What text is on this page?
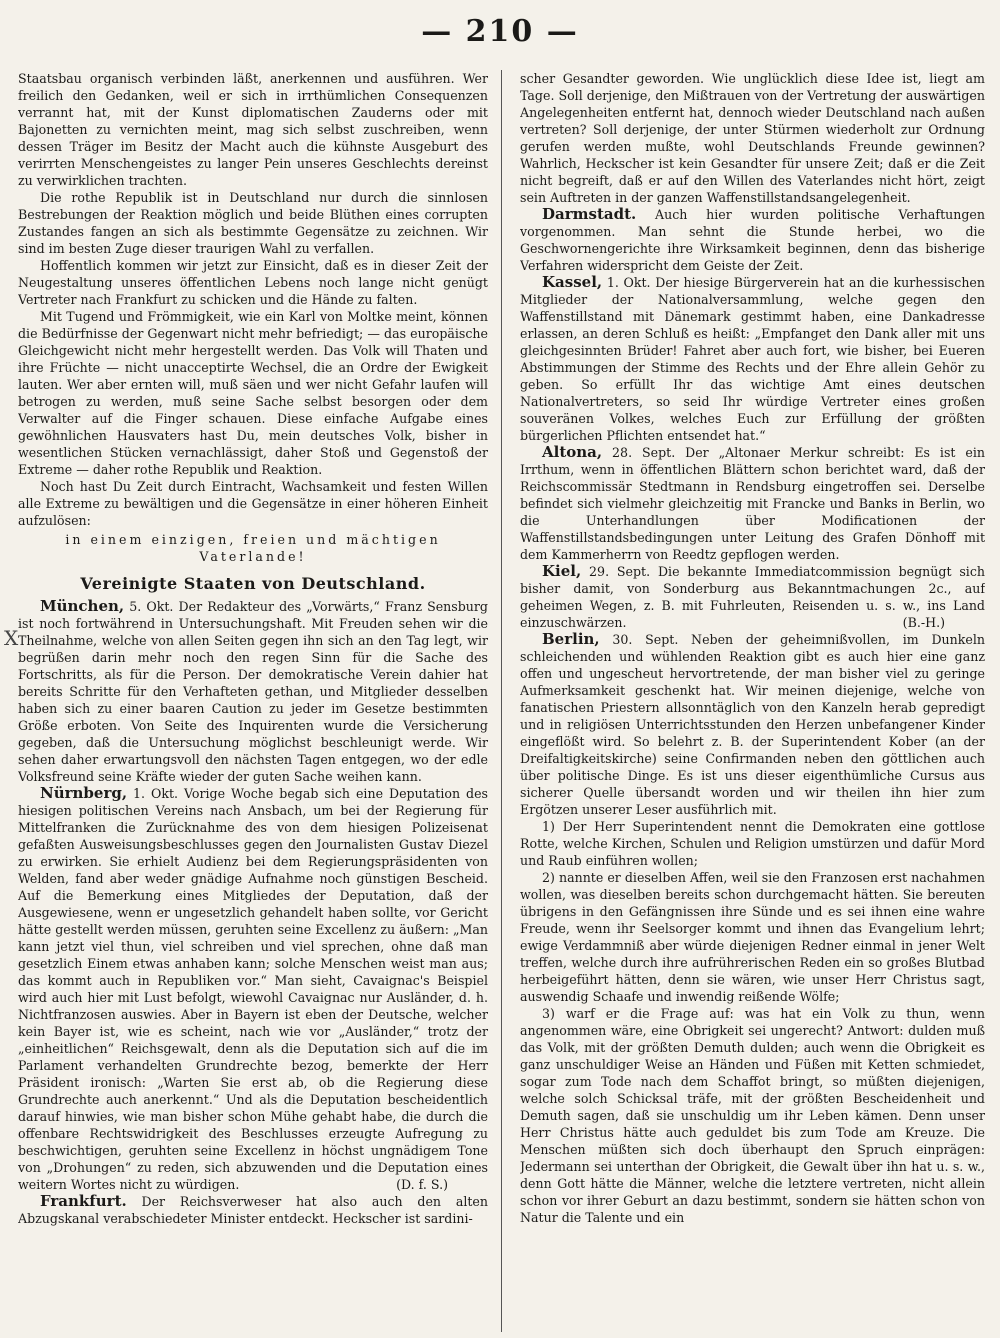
— 210 —
X

Staatsbau organisch verbinden läßt, anerkennen und ausführen. Wer freilich den Gedanken, weil er sich in irrthümlichen Consequenzen verrannt hat, mit der Kunst diplomatischen Zauderns oder mit Bajonetten zu vernichten meint, mag sich selbst zuschreiben, wenn dessen Träger im Besitz der Macht auch die kühnste Ausgeburt des verirrten Menschengeistes zu langer Pein unseres Geschlechts dereinst zu verwirklichen trachten.

Die rothe Republik ist in Deutschland nur durch die sinnlosen Bestrebungen der Reaktion möglich und beide Blüthen eines corrupten Zustandes fangen an sich als bestimmte Gegensätze zu zeichnen. Wir sind im besten Zuge dieser traurigen Wahl zu verfallen.

Hoffentlich kommen wir jetzt zur Einsicht, daß es in dieser Zeit der Neugestaltung unseres öffentlichen Lebens noch lange nicht genügt Vertreter nach Frankfurt zu schicken und die Hände zu falten.

Mit Tugend und Frömmigkeit, wie ein Karl von Moltke meint, können die Bedürfnisse der Gegenwart nicht mehr befriedigt; — das europäische Gleichgewicht nicht mehr hergestellt werden. Das Volk will Thaten und ihre Früchte — nicht unacceptirte Wechsel, die an Ordre der Ewigkeit lauten. Wer aber ernten will, muß säen und wer nicht Gefahr laufen will betrogen zu werden, muß seine Sache selbst besorgen oder dem Verwalter auf die Finger schauen. Diese einfache Aufgabe eines gewöhnlichen Hausvaters hast Du, mein deutsches Volk, bisher in wesentlichen Stücken vernachlässigt, daher Stoß und Gegenstoß der Extreme — daher rothe Republik und Reaktion.

Noch hast Du Zeit durch Eintracht, Wachsamkeit und festen Willen alle Extreme zu bewältigen und die Gegensätze in einer höheren Einheit aufzulösen:

in einem einzigen, freien und mächtigen

Vaterlande!

Vereinigte Staaten von Deutschland.

München, 5. Okt. Der Redakteur des „Vorwärts,“ Franz Sensburg ist noch fortwährend in Untersuchungshaft. Mit Freuden sehen wir die Theilnahme, welche von allen Seiten gegen ihn sich an den Tag legt, wir begrüßen darin mehr noch den regen Sinn für die Sache des Fortschritts, als für die Person. Der demokratische Verein dahier hat bereits Schritte für den Verhafteten gethan, und Mitglieder desselben haben sich zu einer baaren Caution zu jeder im Gesetze bestimmten Größe erboten. Von Seite des Inquirenten wurde die Versicherung gegeben, daß die Untersuchung möglichst beschleunigt werde. Wir sehen daher erwartungsvoll den nächsten Tagen entgegen, wo der edle Volksfreund seine Kräfte wieder der guten Sache weihen kann.

Nürnberg, 1. Okt. Vorige Woche begab sich eine Deputation des hiesigen politischen Vereins nach Ansbach, um bei der Regierung für Mittelfranken die Zurücknahme des von dem hiesigen Polizeisenat gefaßten Ausweisungsbeschlusses gegen den Journalisten Gustav Diezel zu erwirken. Sie erhielt Audienz bei dem Regierungspräsidenten von Welden, fand aber weder gnädige Aufnahme noch günstigen Bescheid. Auf die Bemerkung eines Mitgliedes der Deputation, daß der Ausgewiesene, wenn er ungesetzlich gehandelt haben sollte, vor Gericht hätte gestellt werden müssen, geruhten seine Excellenz zu äußern: „Man kann jetzt viel thun, viel schreiben und viel sprechen, ohne daß man gesetzlich Einem etwas anhaben kann; solche Menschen weist man aus; das kommt auch in Republiken vor.“ Man sieht, Cavaignac's Beispiel wird auch hier mit Lust befolgt, wiewohl Cavaignac nur Ausländer, d. h. Nichtfranzosen auswies. Aber in Bayern ist eben der Deutsche, welcher kein Bayer ist, wie es scheint, nach wie vor „Ausländer,“ trotz der „einheitlichen“ Reichsgewalt, denn als die Deputation sich auf die im Parlament verhandelten Grundrechte bezog, bemerkte der Herr Präsident ironisch: „Warten Sie erst ab, ob die Regierung diese Grundrechte auch anerkennt.“ Und als die Deputation bescheidentlich darauf hinwies, wie man bisher schon Mühe gehabt habe, die durch die offenbare Rechtswidrigkeit des Beschlusses erzeugte Aufregung zu beschwichtigen, geruhten seine Excellenz in höchst ungnädigem Tone von „Drohungen“ zu reden, sich abzuwenden und die Deputation eines weitern Wortes nicht zu würdigen.	(D. f. S.)

Frankfurt. Der Reichsverweser hat also auch den alten Abzugskanal verabschiedeter Minister entdeckt. Heckscher ist sardini-

scher Gesandter geworden. Wie unglücklich diese Idee ist, liegt am Tage. Soll derjenige, den Mißtrauen von der Vertretung der auswärtigen Angelegenheiten entfernt hat, dennoch wieder Deutschland nach außen vertreten? Soll derjenige, der unter Stürmen wiederholt zur Ordnung gerufen werden mußte, wohl Deutschlands Freunde gewinnen? Wahrlich, Heckscher ist kein Gesandter für unsere Zeit; daß er die Zeit nicht begreift, daß er auf den Willen des Vaterlandes nicht hört, zeigt sein Auftreten in der ganzen Waffenstillstandsangelegenheit.

Darmstadt. Auch hier wurden politische Verhaftungen vorgenommen. Man sehnt die Stunde herbei, wo die Geschwornengerichte ihre Wirksamkeit beginnen, denn das bisherige Verfahren widerspricht dem Geiste der Zeit.

Kassel, 1. Okt. Der hiesige Bürgerverein hat an die kurhessischen Mitglieder der Nationalversammlung, welche gegen den Waffenstillstand mit Dänemark gestimmt haben, eine Dankadresse erlassen, an deren Schluß es heißt: „Empfanget den Dank aller mit uns gleichgesinnten Brüder! Fahret aber auch fort, wie bisher, bei Eueren Abstimmungen der Stimme des Rechts und der Ehre allein Gehör zu geben. So erfüllt Ihr das wichtige Amt eines deutschen Nationalvertreters, so seid Ihr würdige Vertreter eines großen souveränen Volkes, welches Euch zur Erfüllung der größten bürgerlichen Pflichten entsendet hat.“

Altona, 28. Sept. Der „Altonaer Merkur schreibt: Es ist ein Irrthum, wenn in öffentlichen Blättern schon berichtet ward, daß der Reichscommissär Stedtmann in Rendsburg eingetroffen sei. Derselbe befindet sich vielmehr gleichzeitig mit Francke und Banks in Berlin, wo die Unterhandlungen über Modificationen der Waffenstillstandsbedingungen unter Leitung des Grafen Dönhoff mit dem Kammerherrn von Reedtz gepflogen werden.

Kiel, 29. Sept. Die bekannte Immediatcommission begnügt sich bisher damit, von Sonderburg aus Bekanntmachungen 2c., auf geheimen Wegen, z. B. mit Fuhrleuten, Reisenden u. s. w., ins Land einzuschwärzen.	(B.-H.)

Berlin, 30. Sept. Neben der geheimnißvollen, im Dunkeln schleichenden und wühlenden Reaktion gibt es auch hier eine ganz offen und ungescheut hervortretende, der man bisher viel zu geringe Aufmerksamkeit geschenkt hat. Wir meinen diejenige, welche von fanatischen Priestern allsonntäglich von den Kanzeln herab gepredigt und in religiösen Unterrichtsstunden den Herzen unbefangener Kinder eingeflößt wird. So belehrt z. B. der Superintendent Kober (an der Dreifaltigkeitskirche) seine Confirmanden neben den göttlichen auch über politische Dinge. Es ist uns dieser eigenthümliche Cursus aus sicherer Quelle übersandt worden und wir theilen ihn hier zum Ergötzen unserer Leser ausführlich mit.

1) Der Herr Superintendent nennt die Demokraten eine gottlose Rotte, welche Kirchen, Schulen und Religion umstürzen und dafür Mord und Raub einführen wollen;

2) nannte er dieselben Affen, weil sie den Franzosen erst nachahmen wollen, was dieselben bereits schon durchgemacht hätten. Sie bereuten übrigens in den Gefängnissen ihre Sünde und es sei ihnen eine wahre Freude, wenn ihr Seelsorger kommt und ihnen das Evangelium lehrt; ewige Verdammniß aber würde diejenigen Redner einmal in jener Welt treffen, welche durch ihre aufrührerischen Reden ein so großes Blutbad herbeigeführt hätten, denn sie wären, wie unser Herr Christus sagt, auswendig Schaafe und inwendig reißende Wölfe;

3) warf er die Frage auf: was hat ein Volk zu thun, wenn angenommen wäre, eine Obrigkeit sei ungerecht? Antwort: dulden muß das Volk, mit der größten Demuth dulden; auch wenn die Obrigkeit es ganz unschuldiger Weise an Händen und Füßen mit Ketten schmiedet, sogar zum Tode nach dem Schaffot bringt, so müßten diejenigen, welche solch Schicksal träfe, mit der größten Bescheidenheit und Demuth sagen, daß sie unschuldig um ihr Leben kämen. Denn unser Herr Christus hätte auch geduldet bis zum Tode am Kreuze. Die Menschen müßten sich doch überhaupt den Spruch einprägen: Jedermann sei unterthan der Obrigkeit, die Gewalt über ihn hat u. s. w., denn Gott hätte die Männer, welche die letztere vertreten, nicht allein schon vor ihrer Geburt an dazu bestimmt, sondern sie hätten schon von Natur die Talente und ein
